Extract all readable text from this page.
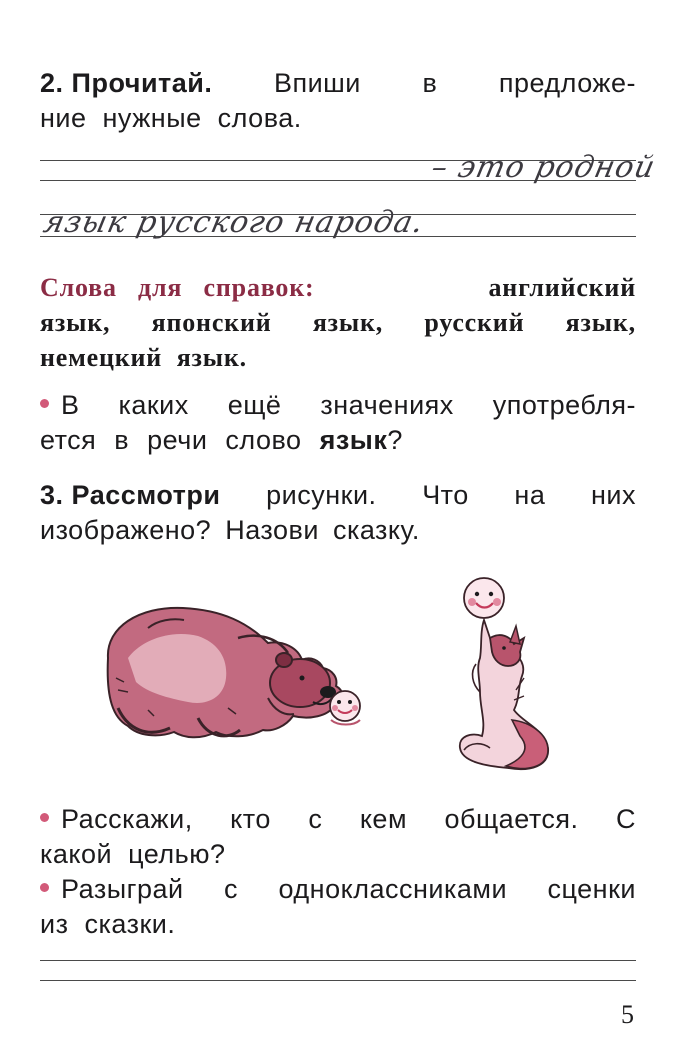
2. Прочитай. Впиши в предложе-
ние нужные слова.
– это родной
язык русского народа.
Слова для справок:	английский
язык, японский язык, русский язык,
немецкий  язык.
В каких ещё значениях употребля-
ется в речи слово язык?
3. Рассмотри рисунки. Что на них
изображено? Назови сказку.
Расскажи, кто с кем общается. С
какой целью?
Разыграй с одноклассниками сценки
из  сказки.
5
